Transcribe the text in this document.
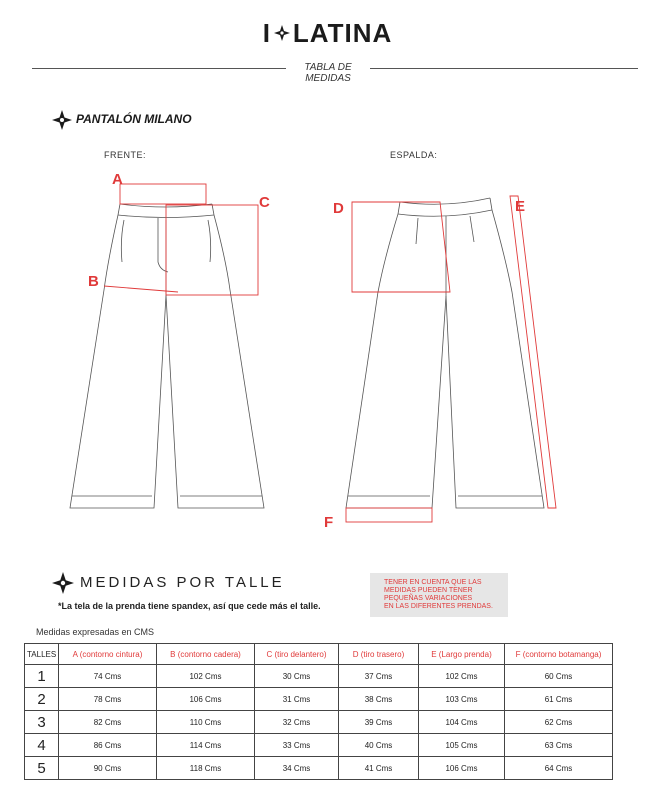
I LATINA
TABLA DE
MEDIDAS
PANTALÓN MILANO
FRENTE:	ESPALDA:
A
B
C	D	E
F
MEDIDAS POR TALLE
*La tela de la prenda tiene spandex, así que cede más el talle.
TENER EN CUENTA QUE LAS
MEDIDAS PUEDEN TENER
PEQUEÑAS VARIACIONES
EN LAS DIFERENTES PRENDAS.
Medidas expresadas en CMS
TALLES	A (contorno cintura)	B (contorno cadera)	C (tiro delantero)	D (tiro trasero)	E (Largo prenda)	F (contorno botamanga)
1	74 Cms	102 Cms	30 Cms	37 Cms	102 Cms	60 Cms
2	78 Cms	106 Cms	31 Cms	38 Cms	103 Cms	61 Cms
3	82 Cms	110 Cms	32 Cms	39 Cms	104 Cms	62 Cms
4	86 Cms	114 Cms	33 Cms	40 Cms	105 Cms	63 Cms
5	90 Cms	118 Cms	34 Cms	41 Cms	106 Cms	64 Cms
